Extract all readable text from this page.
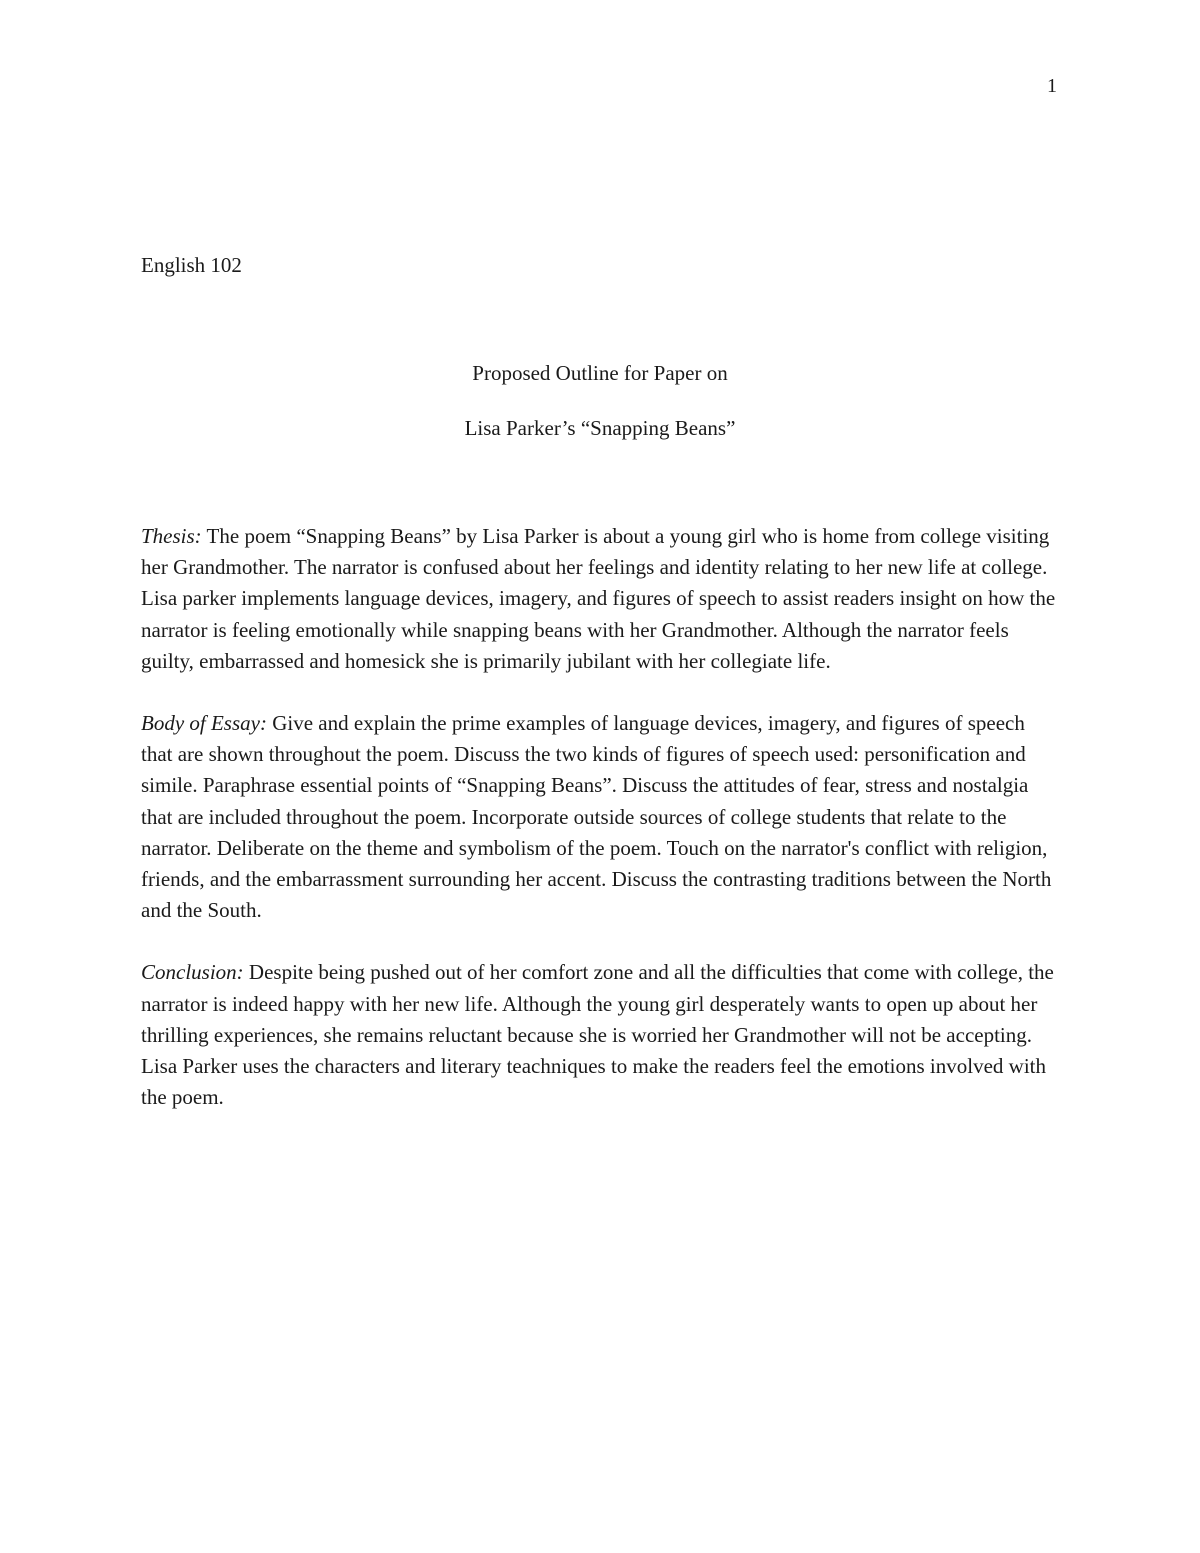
1
English 102
Proposed Outline for Paper on
Lisa Parker’s “Snapping Beans”

Thesis: The poem “Snapping Beans” by Lisa Parker is about a young girl who is home from college visiting her Grandmother. The narrator is confused about her feelings and identity relating to her new life at college. Lisa parker implements language devices, imagery, and figures of speech to assist readers insight on how the narrator is feeling emotionally while snapping beans with her Grandmother. Although the narrator feels guilty, embarrassed and homesick she is primarily jubilant with her collegiate life.

Body of Essay: Give and explain the prime examples of language devices, imagery, and figures of speech that are shown throughout the poem. Discuss the two kinds of figures of speech used: personification and simile. Paraphrase essential points of “Snapping Beans”. Discuss the attitudes of fear, stress and nostalgia that are included throughout the poem. Incorporate outside sources of college students that relate to the narrator. Deliberate on the theme and symbolism of the poem. Touch on the narrator's conflict with religion, friends, and the embarrassment surrounding her accent. Discuss the contrasting traditions between the North and the South.

Conclusion: Despite being pushed out of her comfort zone and all the difficulties that come with college, the narrator is indeed happy with her new life. Although the young girl desperately wants to open up about her thrilling experiences, she remains reluctant because she is worried her Grandmother will not be accepting. Lisa Parker uses the characters and literary teachniques to make the readers feel the emotions involved with the poem.
